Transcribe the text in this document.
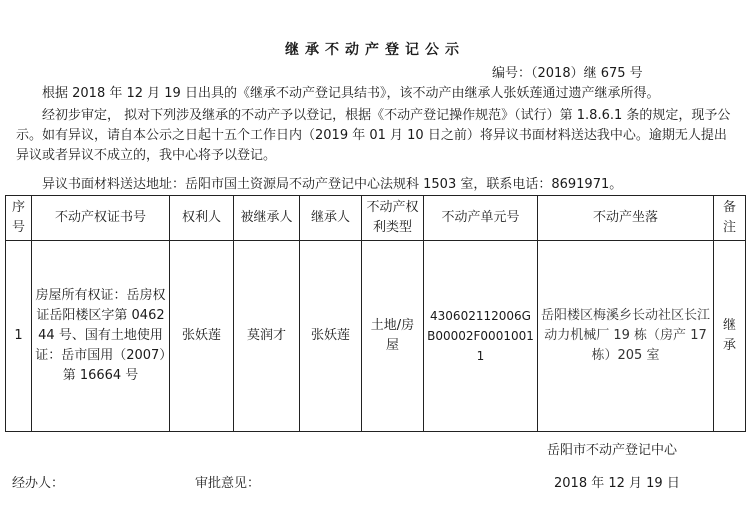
继承不动产登记公示
编号：（2018）继 675 号
根据 2018 年 12 月 19 日出具的《继承不动产登记具结书》，该不动产由继承人张妖莲通过遗产继承所得。
经初步审定， 拟对下列涉及继承的不动产予以登记，根据《不动产登记操作规范》（试行）第 1.8.6.1 条的规定，现予公示。如有异议，请自本公示之日起十五个工作日内（2019 年 01 月 10 日之前）将异议书面材料送达我中心。逾期无人提出异议或者异议不成立的，我中心将予以登记。
异议书面材料送达地址：岳阳市国土资源局不动产登记中心法规科 1503 室，联系电话：8691971。
序号	不动产权证书号	权利人	被继承人	继承人	不动产权利类型	不动产单元号	不动产坐落	备注
1	房屋所有权证：岳房权证岳阳楼区字第 046244 号、国有土地使用证：岳市国用（2007）第 16664 号	张妖莲	莫润才	张妖莲	土地/房屋	430602112006GB00002F00010011	岳阳楼区梅溪乡长动社区长江动力机械厂 19 栋（房产 17 栋）205 室	继承
岳阳市不动产登记中心
经办人：	审批意见：	2018 年 12 月 19 日
